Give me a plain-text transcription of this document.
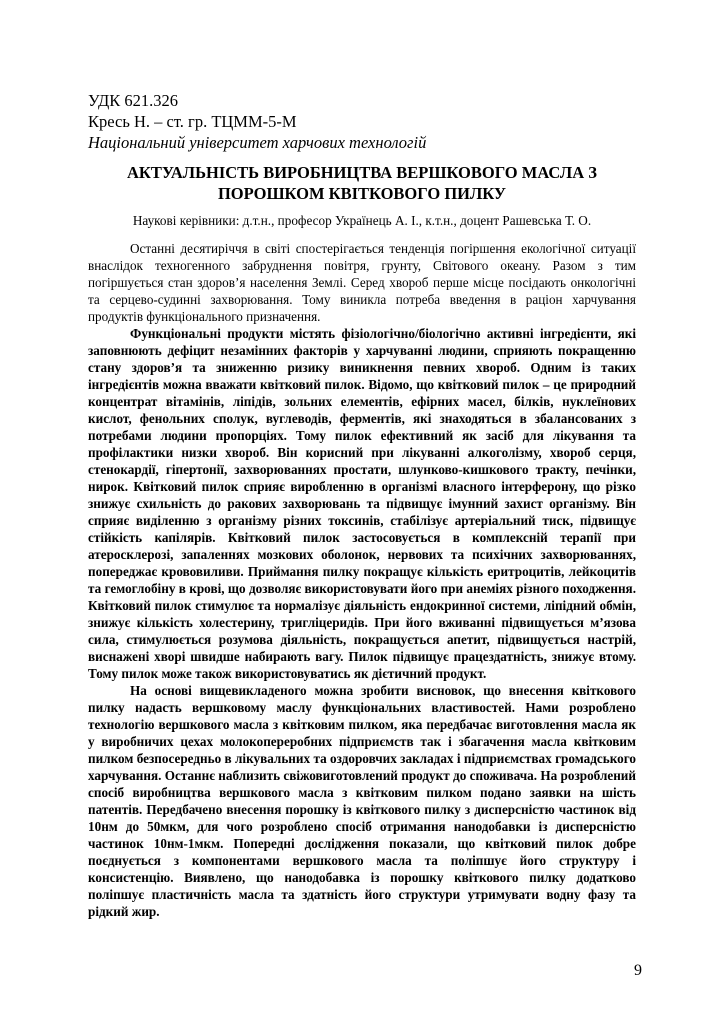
УДК 621.326

Кресь Н. – ст. гр. ТЦММ-5-М

Національний університет харчових технологій

АКТУАЛЬНІСТЬ ВИРОБНИЦТВА ВЕРШКОВОГО МАСЛА З
ПОРОШКОМ КВІТКОВОГО ПИЛКУ

Наукові керівники: д.т.н., професор Українець А. І., к.т.н., доцент Рашевська Т. О.

Останні десятиріччя в світі спостерігається тенденція погіршення екологічної ситуації внаслідок техногенного забруднення повітря, грунту, Світового океану. Разом з тим погіршується стан здоров’я населення Землі. Серед хвороб перше місце посідають онкологічні та серцево-судинні захворювання. Тому виникла потреба введення в раціон харчування продуктів функціонального призначення.

Функціональні продукти містять фізіологічно/біологічно активні інгредієнти, які заповнюють дефіцит незамінних факторів у харчуванні людини, сприяють покращенню стану здоров’я та зниженню ризику виникнення певних хвороб. Одним із таких інгредієнтів можна вважати квітковий пилок. Відомо, що квітковий пилок – це природний концентрат вітамінів, ліпідів, зольних елементів, ефірних масел, білків, нуклеїнових кислот, фенольних сполук, вуглеводів, ферментів, які знаходяться в збалансованих з потребами людини пропорціях. Тому пилок ефективний як засіб для лікування та профілактики низки хвороб. Він корисний при лікуванні алкоголізму, хвороб серця, стенокардії, гіпертонії, захворюваннях простати, шлунково-кишкового тракту, печінки, нирок. Квітковий пилок сприяє виробленню в організмі власного інтерферону, що різко знижує схильність до ракових захворювань та підвищує імунний захист організму. Він сприяє виділенню з організму різних токсинів, стабілізує артеріальний тиск, підвищує стійкість капілярів. Квітковий пилок застосовується в комплексній терапії при атеросклерозі, запаленнях мозкових оболонок, нервових та психічних захворюваннях, попереджає крововиливи. Приймання пилку покращує кількість еритроцитів, лейкоцитів та гемоглобіну в крові, що дозволяє використовувати його при анеміях різного походження. Квітковий пилок стимулює та нормалізує діяльність ендокринної системи, ліпідний обмін, знижує кількість холестерину, тригліцеридів. При його вживанні підвищується м’язова сила, стимулюється розумова діяльність, покращується апетит, підвищується настрій, виснажені хворі швидше набирають вагу. Пилок підвищує працездатність, знижує втому. Тому пилок може також використовуватись як дієтичний продукт.

На основі вищевикладеного можна зробити висновок, що внесення квіткового пилку надасть вершковому маслу функціональних властивостей. Нами розроблено технологію вершкового масла з квітковим пилком, яка передбачає виготовлення масла як у виробничих цехах молокопереробних підприємств так і збагачення масла квітковим пилком безпосередньо в лікувальних та оздоровчих закладах і підприємствах громадського харчування. Останнє наблизить свіжовиготовлений продукт до споживача. На розроблений спосіб виробництва вершкового масла з квітковим пилком подано заявки на шість патентів. Передбачено внесення порошку із квіткового пилку з дисперсністю частинок від 10нм до 50мкм, для чого розроблено спосіб отримання нанодобавки із дисперсністю частинок 10нм-1мкм. Попередні дослідження показали, що квітковий пилок добре поєднується з компонентами вершкового масла та поліпшує його структуру і консистенцію. Виявлено, що нанодобавка із порошку квіткового пилку додатково поліпшує пластичність масла та здатність його структури утримувати водну фазу та рідкий жир.

9
